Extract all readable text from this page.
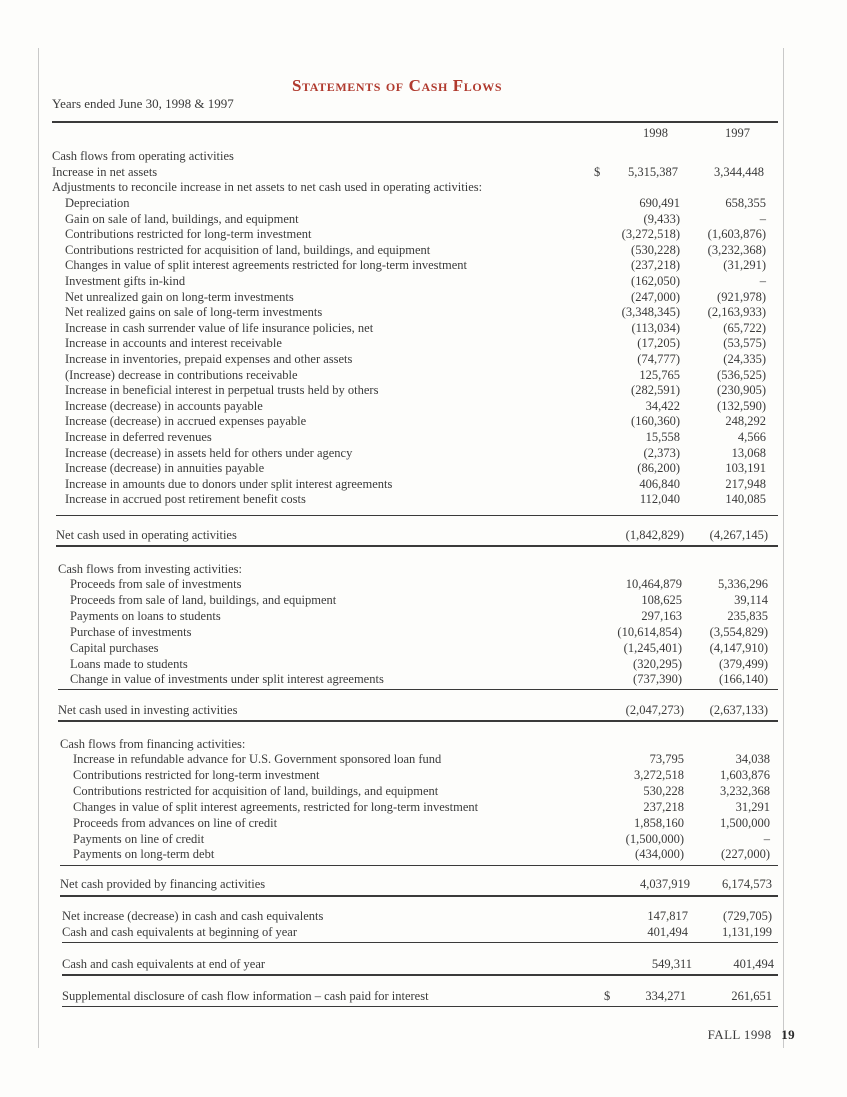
Statements of Cash Flows
Years ended June 30, 1998 & 1997
1998	1997
Cash flows from operating activities
Increase in net assets	$	5,315,387	3,344,448
Adjustments to reconcile increase in net assets to net cash used in operating activities:
Depreciation	690,491	658,355
Gain on sale of land, buildings, and equipment	(9,433)	–
Contributions restricted for long-term investment	(3,272,518)	(1,603,876)
Contributions restricted for acquisition of land, buildings, and equipment	(530,228)	(3,232,368)
Changes in value of split interest agreements restricted for long-term investment	(237,218)	(31,291)
Investment gifts in-kind	(162,050)	–
Net unrealized gain on long-term investments	(247,000)	(921,978)
Net realized gains on sale of long-term investments	(3,348,345)	(2,163,933)
Increase in cash surrender value of life insurance policies, net	(113,034)	(65,722)
Increase in accounts and interest receivable	(17,205)	(53,575)
Increase in inventories, prepaid expenses and other assets	(74,777)	(24,335)
(Increase) decrease in contributions receivable	125,765	(536,525)
Increase in beneficial interest in perpetual trusts held by others	(282,591)	(230,905)
Increase (decrease) in accounts payable	34,422	(132,590)
Increase (decrease) in accrued expenses payable	(160,360)	248,292
Increase in deferred revenues	15,558	4,566
Increase (decrease) in assets held for others under agency	(2,373)	13,068
Increase (decrease) in annuities payable	(86,200)	103,191
Increase in amounts due to donors under split interest agreements	406,840	217,948
Increase in accrued post retirement benefit costs	112,040	140,085
Net cash used in operating activities	(1,842,829)	(4,267,145)
Cash flows from investing activities:
Proceeds from sale of investments	10,464,879	5,336,296
Proceeds from sale of land, buildings, and equipment	108,625	39,114
Payments on loans to students	297,163	235,835
Purchase of investments	(10,614,854)	(3,554,829)
Capital purchases	(1,245,401)	(4,147,910)
Loans made to students	(320,295)	(379,499)
Change in value of investments under split interest agreements	(737,390)	(166,140)
Net cash used in investing activities	(2,047,273)	(2,637,133)
Cash flows from financing activities:
Increase in refundable advance for U.S. Government sponsored loan fund	73,795	34,038
Contributions restricted for long-term investment	3,272,518	1,603,876
Contributions restricted for acquisition of land, buildings, and equipment	530,228	3,232,368
Changes in value of split interest agreements, restricted for long-term investment	237,218	31,291
Proceeds from advances on line of credit	1,858,160	1,500,000
Payments on line of credit	(1,500,000)	–
Payments on long-term debt	(434,000)	(227,000)
Net cash provided by financing activities	4,037,919	6,174,573
Net increase (decrease) in cash and cash equivalents	147,817	(729,705)
Cash and cash equivalents at beginning of year	401,494	1,131,199
Cash and cash equivalents at end of year	549,311	401,494
Supplemental disclosure of cash flow information – cash paid for interest	$	334,271	261,651
FALL 1998 19
